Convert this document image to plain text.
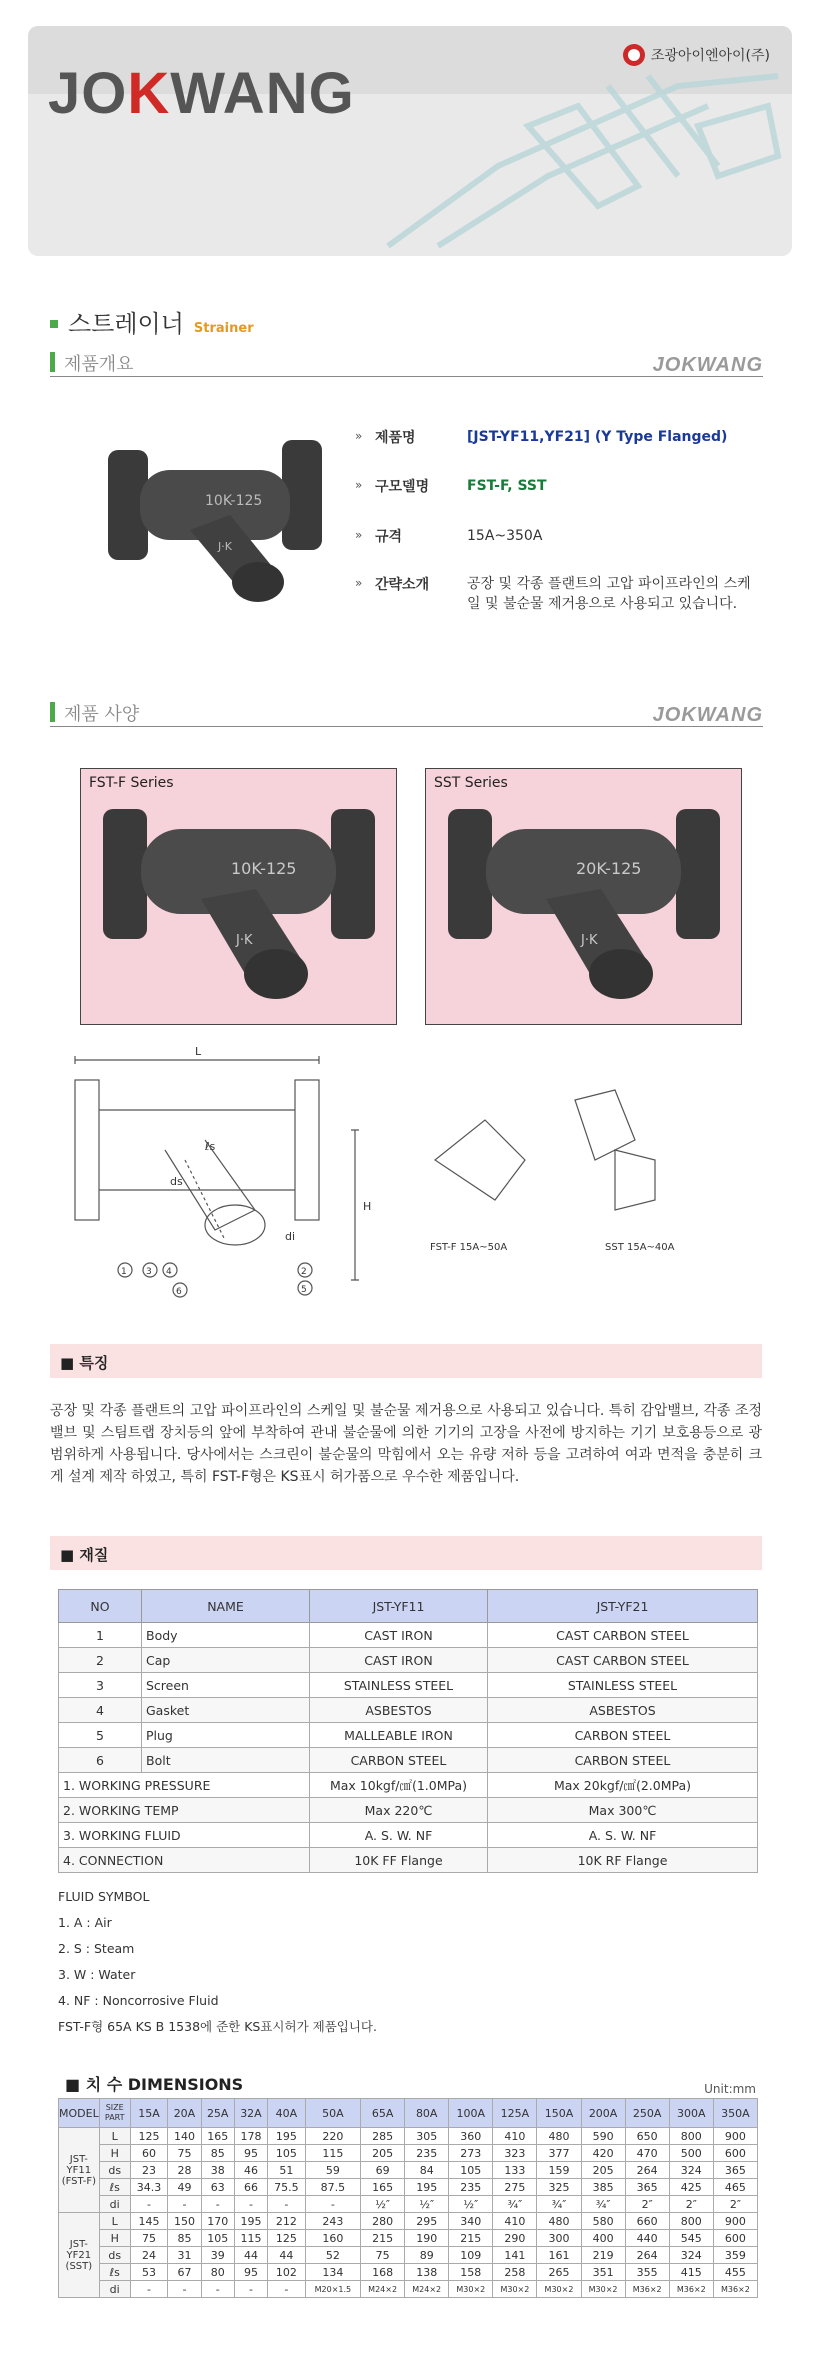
JOKWANG
조광아이엔아이(주)
스트레이너 Strainer
제품개요	JOKWANG
10K-125
J·K
» 제품명	[JST-YF11,YF21] (Y Type Flanged)
» 구모델명	FST-F, SST
» 규격	15A~350A
» 간략소개	공장 및 각종 플랜트의 고압 파이프라인의 스케일 및 불순물 제거용으로 사용되고 있습니다.
제품 사양	JOKWANG
FST-F Series
10K-125
J·K
SST Series
20K-125
J·K
L
H
ℓs
ds
di
1 3 4	2
5
6
FST-F 15A~50A	SST 15A~40A
■ 특징
공장 및 각종 플랜트의 고압 파이프라인의 스케일 및 불순물 제거용으로 사용되고 있습니다. 특히 감압밸브, 각종 조정밸브 및 스팀트랩 장치등의 앞에 부착하여 관내 불순물에 의한 기기의 고장을 사전에 방지하는 기기 보호용등으로 광범위하게 사용됩니다. 당사에서는 스크린이 불순물의 막힘에서 오는 유량 저하 등을 고려하여 여과 면적을 충분히 크게 설계 제작 하였고, 특히 FST-F형은 KS표시 허가품으로 우수한 제품입니다.
■ 재질
NO	NAME	JST-YF11	JST-YF21
1	Body	CAST IRON	CAST CARBON STEEL
2	Cap	CAST IRON	CAST CARBON STEEL
3	Screen	STAINLESS STEEL	STAINLESS STEEL
4	Gasket	ASBESTOS	ASBESTOS
5	Plug	MALLEABLE IRON	CARBON STEEL
6	Bolt	CARBON STEEL	CARBON STEEL
1. WORKING PRESSURE		Max 10kgf/㎠(1.0MPa)	Max 20kgf/㎠(2.0MPa)
2. WORKING TEMP		Max 220℃	Max 300℃
3. WORKING FLUID		A. S. W. NF	A. S. W. NF
4. CONNECTION		10K FF Flange	10K RF Flange
FLUID SYMBOL
1. A : Air
2. S : Steam
3. W : Water
4. NF : Noncorrosive Fluid
FST-F형 65A KS B 1538에 준한 KS표시허가 제품입니다.
■ 치 수 DIMENSIONS	Unit:mm
MODEL	SIZE
PART	15A	20A	25A	32A	40A	50A	65A	80A	100A	125A	150A	200A	250A	300A	350A
JST-YF11 (FST-F)	L	125	140	165	178	195	220	285	305	360	410	480	590	650	800	900
	H	60	75	85	95	105	115	205	235	273	323	377	420	470	500	600
	ds	23	28	38	46	51	59	69	84	105	133	159	205	264	324	365
	ℓs	34.3	49	63	66	75.5	87.5	165	195	235	275	325	385	365	425	465
	di	-	-	-	-	-	-	½″	½″	½″	¾″	¾″	¾″	2″	2″	2″
JST-YF21 (SST)	L	145	150	170	195	212	243	280	295	340	410	480	580	660	800	900
	H	75	85	105	115	125	160	215	190	215	290	300	400	440	545	600
	ds	24	31	39	44	44	52	75	89	109	141	161	219	264	324	359
	ℓs	53	67	80	95	102	134	168	138	158	258	265	351	355	415	455
	di	-	-	-	-	-	M20×1.5	M24×2	M24×2	M30×2	M30×2	M30×2	M30×2	M36×2	M36×2	M36×2
